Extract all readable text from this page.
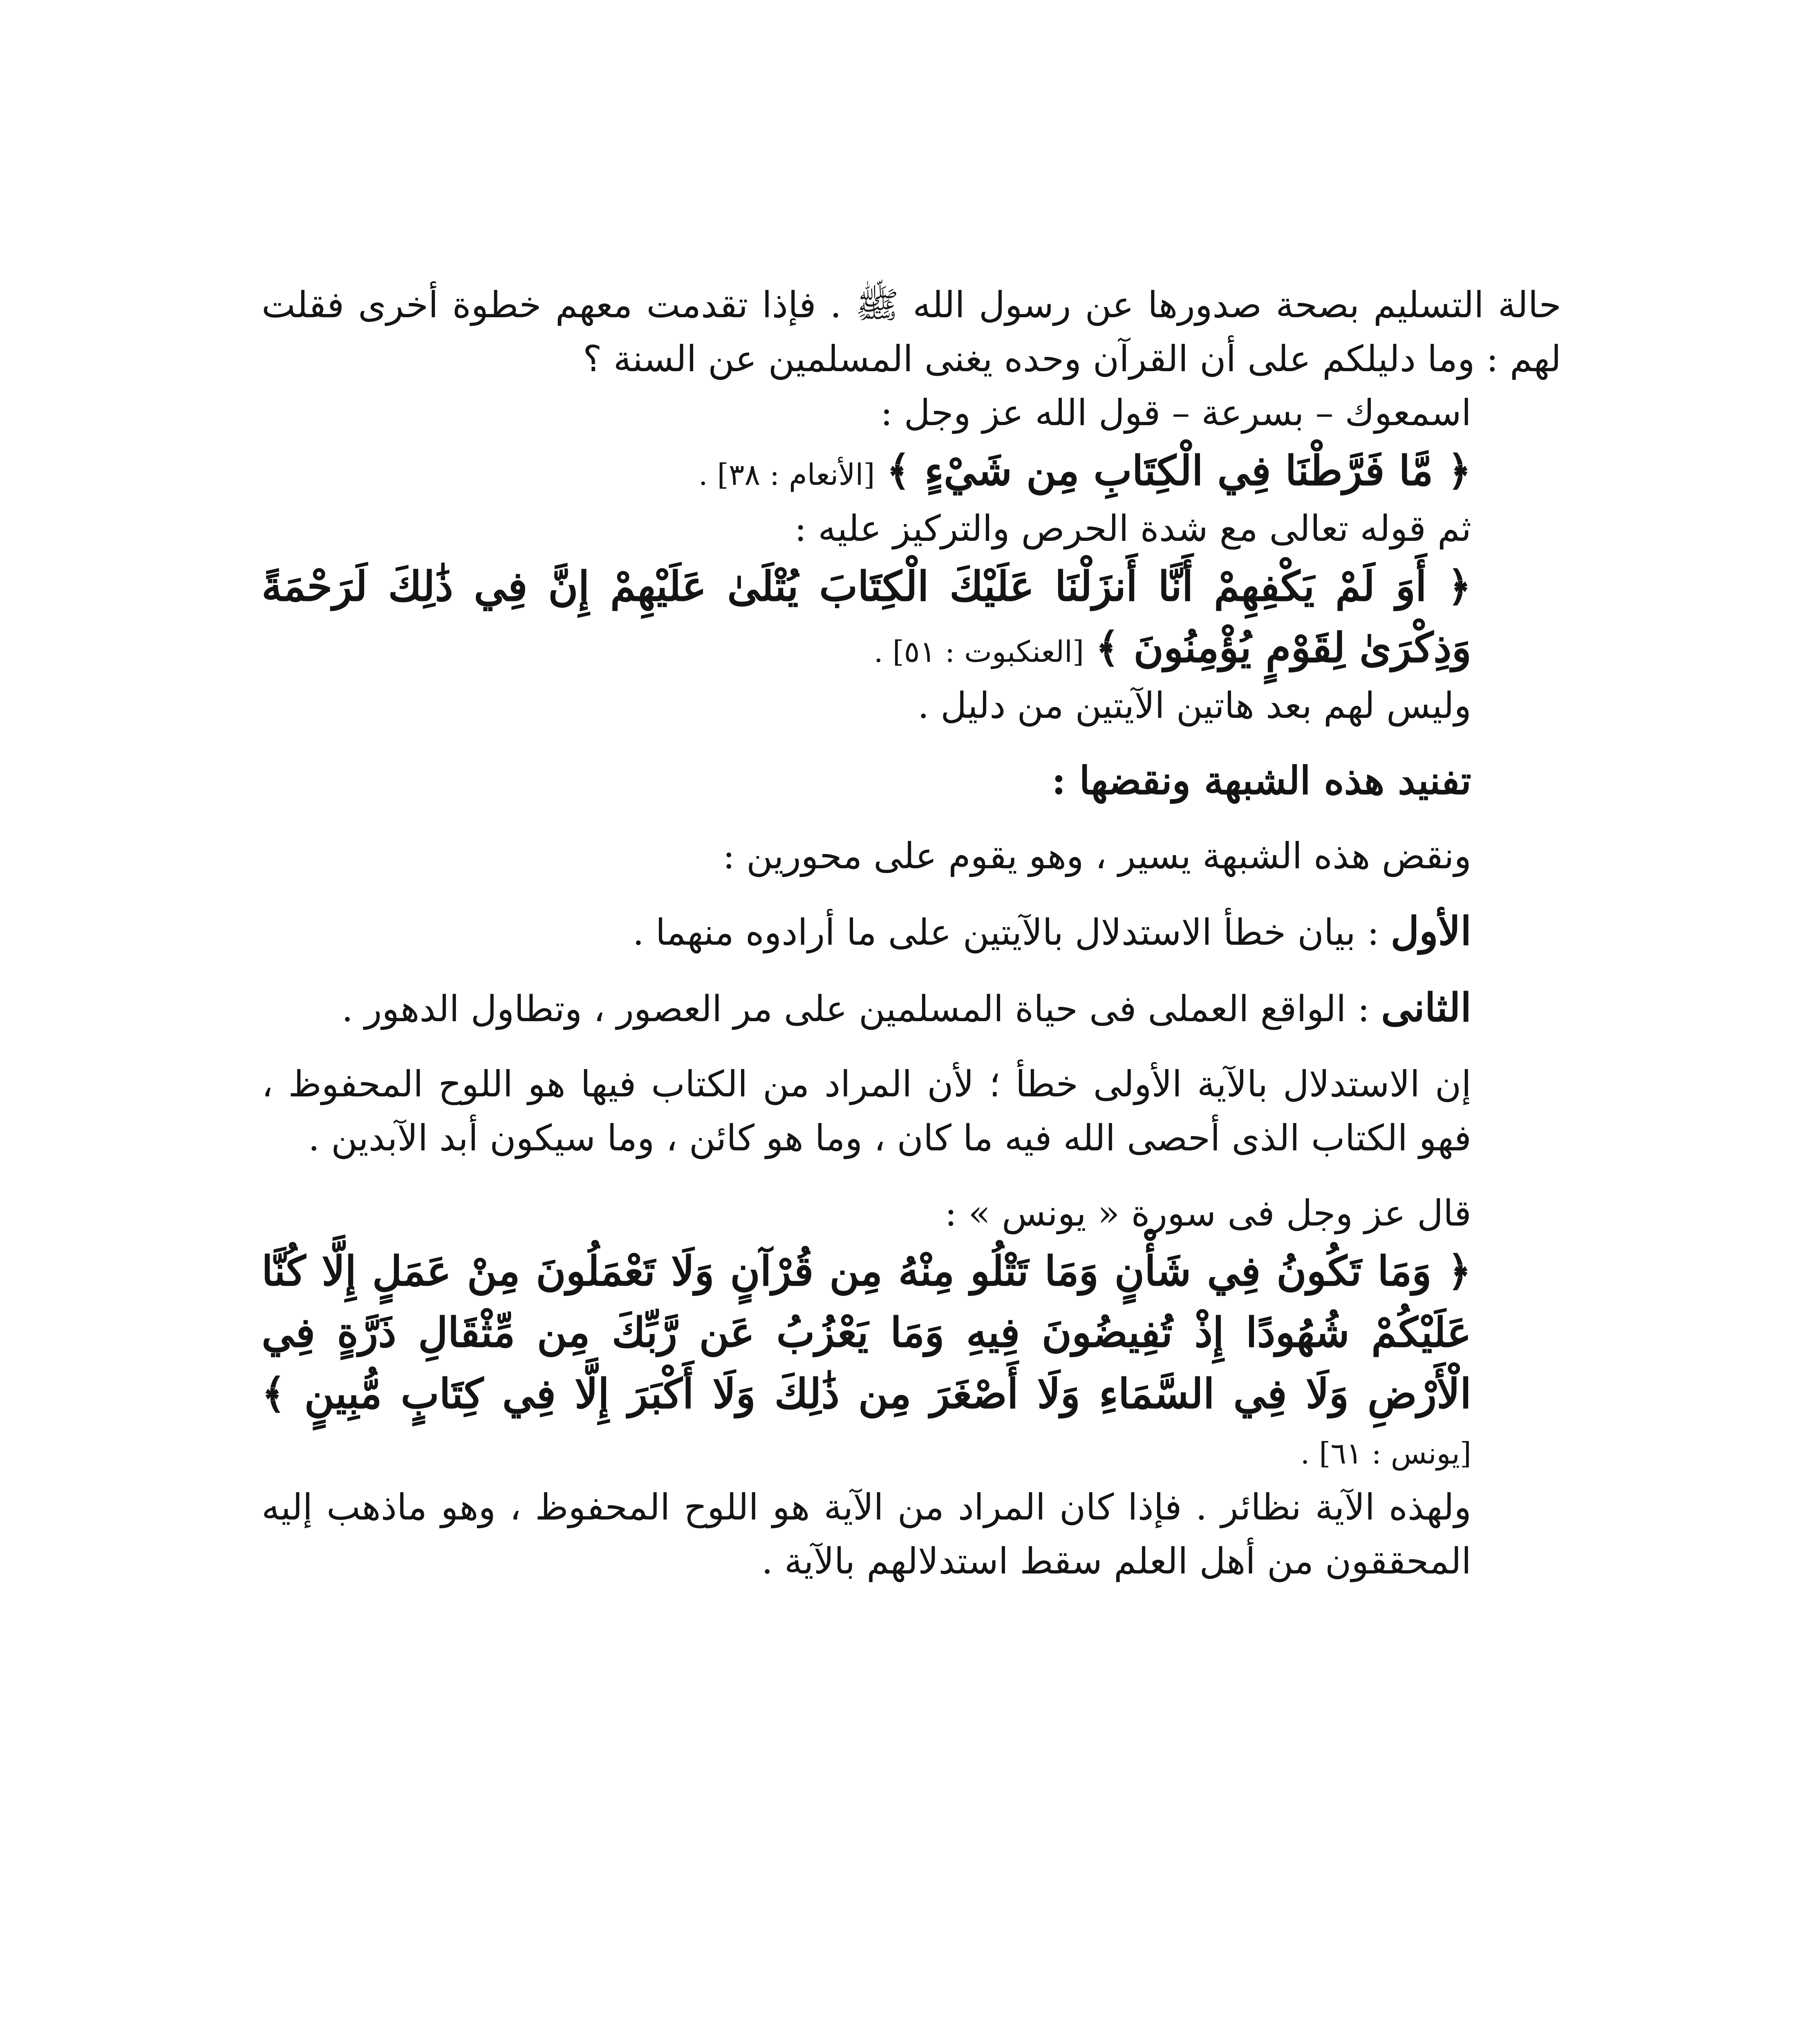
حالة التسليم بصحة صدورها عن رسول الله ﷺ . فإذا تقدمت معهم خطوة أخرى فقلت لهم : وما دليلكم على أن القرآن وحده يغنى المسلمين عن السنة ؟

اسمعوك – بسرعة – قول الله عز وجل :

﴿ مَّا فَرَّطْنَا فِي الْكِتَابِ مِن شَيْءٍ ﴾ [الأنعام : ٣٨] .

ثم قوله تعالى مع شدة الحرص والتركيز عليه :

﴿ أَوَ لَمْ يَكْفِهِمْ أَنَّا أَنزَلْنَا عَلَيْكَ الْكِتَابَ يُتْلَىٰ عَلَيْهِمْ إِنَّ فِي ذَٰلِكَ لَرَحْمَةً وَذِكْرَىٰ لِقَوْمٍ يُؤْمِنُونَ ﴾ [العنكبوت : ٥١] .

وليس لهم بعد هاتين الآيتين من دليل .

تفنيد هذه الشبهة ونقضها :

ونقض هذه الشبهة يسير ، وهو يقوم على محورين :

الأول : بيان خطأ الاستدلال بالآيتين على ما أرادوه منهما .

الثانى : الواقع العملى فى حياة المسلمين على مر العصور ، وتطاول الدهور .

إن الاستدلال بالآية الأولى خطأ ؛ لأن المراد من الكتاب فيها هو اللوح المحفوظ ، فهو الكتاب الذى أحصى الله فيه ما كان ، وما هو كائن ، وما سيكون أبد الآبدين .

قال عز وجل فى سورة « يونس » :

﴿ وَمَا تَكُونُ فِي شَأْنٍ وَمَا تَتْلُو مِنْهُ مِن قُرْآنٍ وَلَا تَعْمَلُونَ مِنْ عَمَلٍ إِلَّا كُنَّا عَلَيْكُمْ شُهُودًا إِذْ تُفِيضُونَ فِيهِ وَمَا يَعْزُبُ عَن رَّبِّكَ مِن مِّثْقَالِ ذَرَّةٍ فِي الْأَرْضِ وَلَا فِي السَّمَاءِ وَلَا أَصْغَرَ مِن ذَٰلِكَ وَلَا أَكْبَرَ إِلَّا فِي كِتَابٍ مُّبِينٍ ﴾ [يونس : ٦١] .

ولهذه الآية نظائر . فإذا كان المراد من الآية هو اللوح المحفوظ ، وهو ماذهب إليه المحققون من أهل العلم سقط استدلالهم بالآية .
